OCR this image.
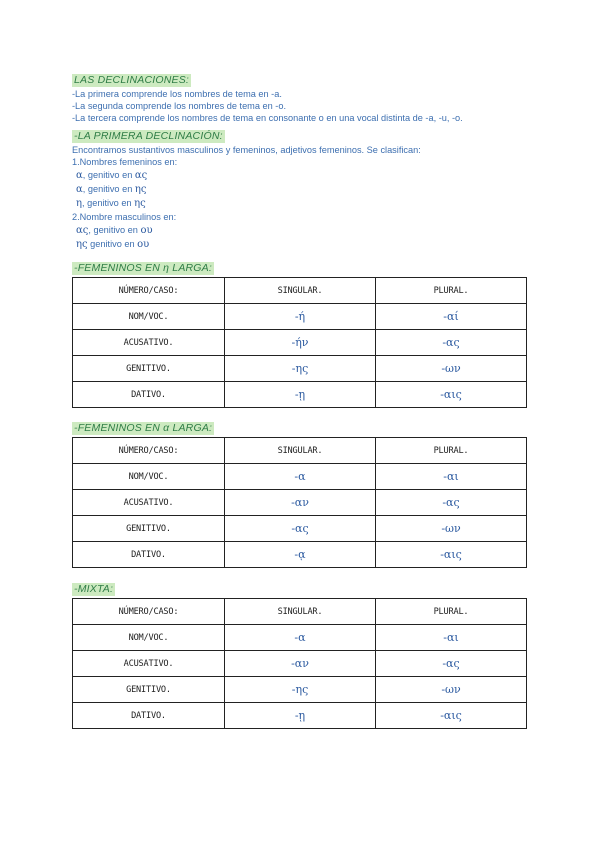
LAS DECLINACIONES:
-La primera comprende los nombres de tema en -a.
-La segunda comprende los nombres de tema en -o.
-La tercera comprende los nombres de tema en consonante o en una vocal distinta de -a, -u, -o.
-LA PRIMERA DECLINACIÓN:
Encontramos sustantivos masculinos y femeninos, adjetivos femeninos. Se clasifican:
1.Nombres femeninos en:
α, genitivo en ας
α, genitivo en ης
η, genitivo en ης
2.Nombre masculinos en:
ας, genitivo en ου
ης genitivo en ου
-FEMENINOS EN η LARGA:
NÚMERO/CASO:	SINGULAR.	PLURAL.
NOM/VOC.	-ή	-αί
ACUSATIVO.	-ήν	-ας
GENITIVO.	-ης	-ων
DATIVO.	-ῃ	-αις
-FEMENINOS EN α LARGA:
NÚMERO/CASO:	SINGULAR.	PLURAL.
NOM/VOC.	-α	-αι
ACUSATIVO.	-αν	-ας
GENITIVO.	-ας	-ων
DATIVO.	-ᾳ	-αις
-MIXTA:
NÚMERO/CASO:	SINGULAR.	PLURAL.
NOM/VOC.	-α	-αι
ACUSATIVO.	-αν	-ας
GENITIVO.	-ης	-ων
DATIVO.	-ῃ	-αις
